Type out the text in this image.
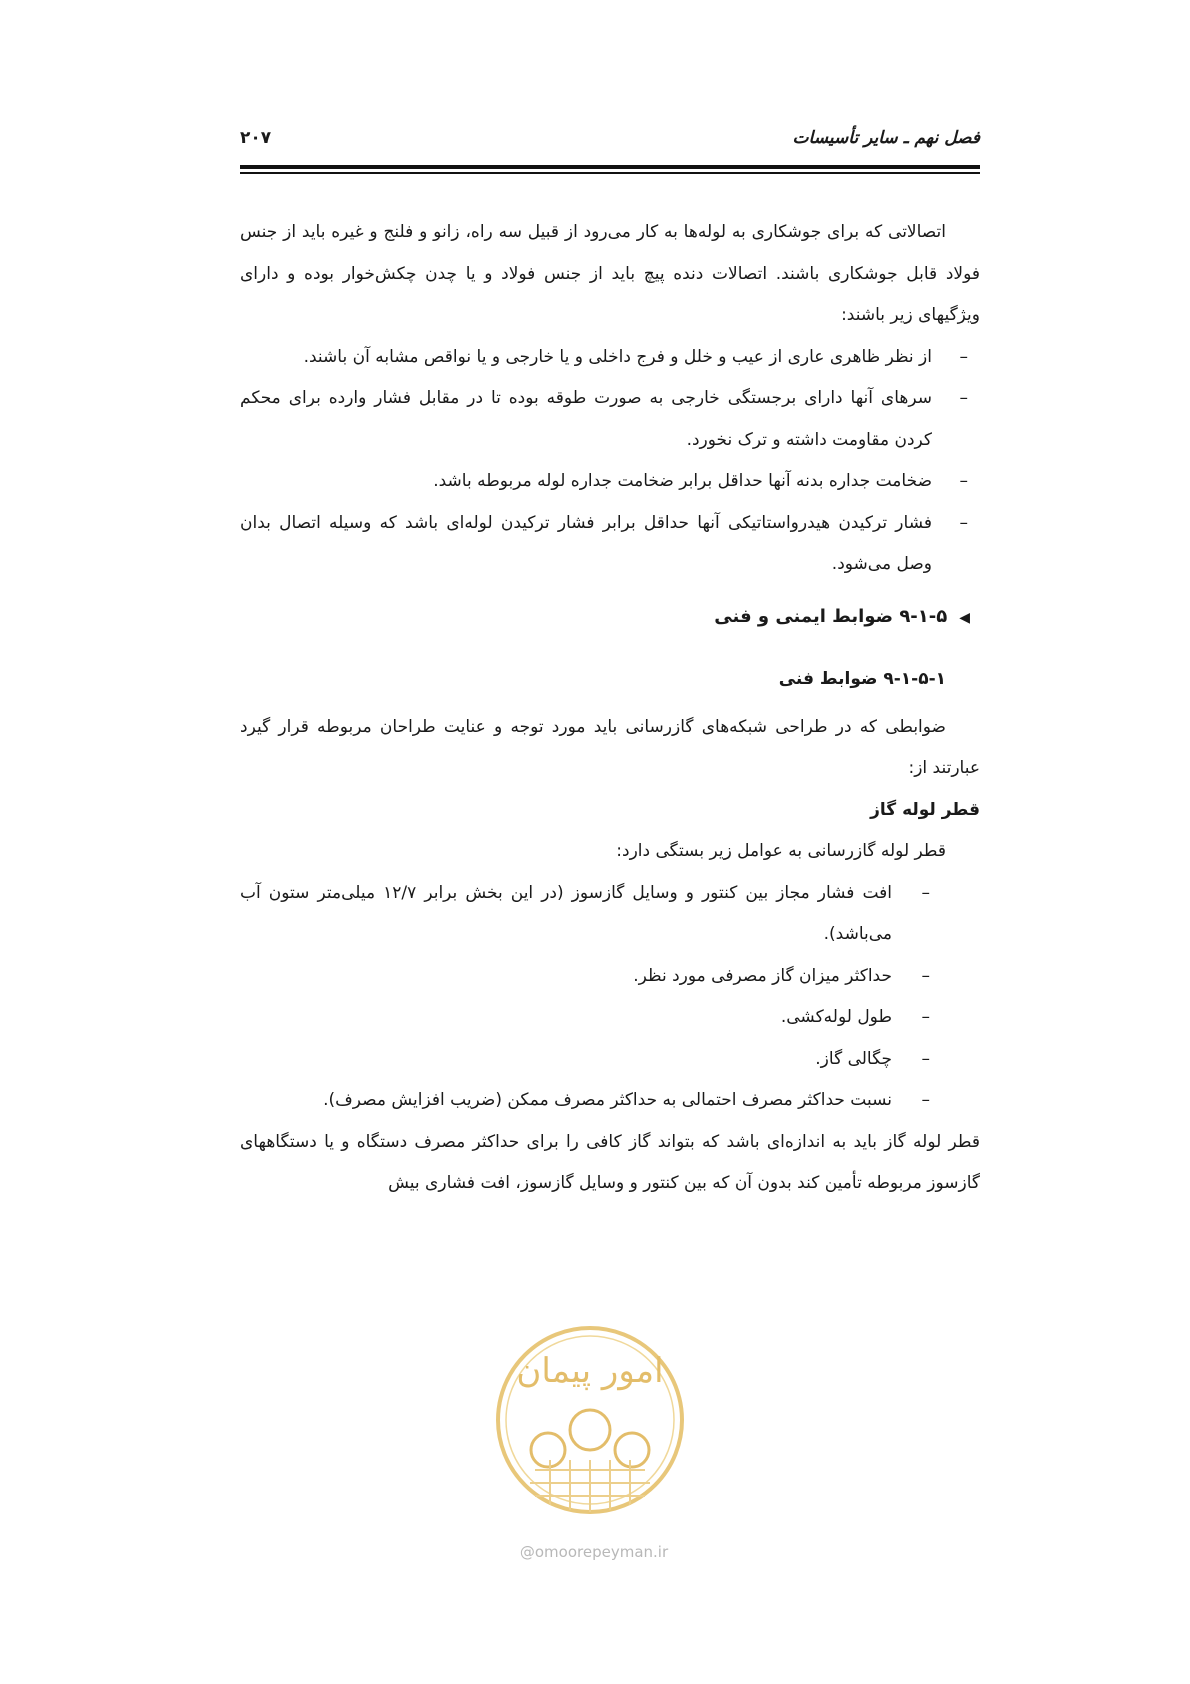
فصل نهم ـ سایر تأسیسات
۲۰۷

اتصالاتی که برای جوشکاری به لوله‌ها به کار می‌رود از قبیل سه راه، زانو و فلنج و غیره باید از جنس فولاد قابل جوشکاری باشند. اتصالات دنده پیچ باید از جنس فولاد و یا چدن چکش‌خوار بوده و دارای ویژگیهای زیر باشند:

–
از نظر ظاهری عاری از عیب و خلل و فرج داخلی و یا خارجی و یا نواقص مشابه آن باشند.
–
سرهای آنها دارای برجستگی خارجی به صورت طوقه بوده تا در مقابل فشار وارده برای محکم کردن مقاومت داشته و ترک نخورد.
–
ضخامت جداره بدنه آنها حداقل برابر ضخامت جداره لوله مربوطه باشد.
–
فشار ترکیدن هیدرواستاتیکی آنها حداقل برابر فشار ترکیدن لوله‌ای باشد که وسیله اتصال بدان وصل می‌شود.
◀۹-۱-۵ ضوابط ایمنی و فنی
۹-۱-۵-۱ ضوابط فنی

ضوابطی که در طراحی شبکه‌های گازرسانی باید مورد توجه و عنایت طراحان مربوطه قرار گیرد عبارتند از:

قطر لوله گاز

قطر لوله گازرسانی به عوامل زیر بستگی دارد:

–
افت فشار مجاز بین کنتور و وسایل گازسوز (در این بخش برابر ۱۲/۷ میلی‌متر ستون آب می‌باشد).
–
حداکثر میزان گاز مصرفی مورد نظر.
–
طول لوله‌کشی.
–
چگالی گاز.
–
نسبت حداکثر مصرف احتمالی به حداکثر مصرف ممکن (ضریب افزایش مصرف).

قطر لوله گاز باید به اندازه‌ای باشد که بتواند گاز کافی را برای حداکثر مصرف دستگاه و یا دستگاههای گازسوز مربوطه تأمین کند بدون آن که بین کنتور و وسایل گازسوز، افت فشاری بیش

امور پیمان
@omoorepeyman.ir
